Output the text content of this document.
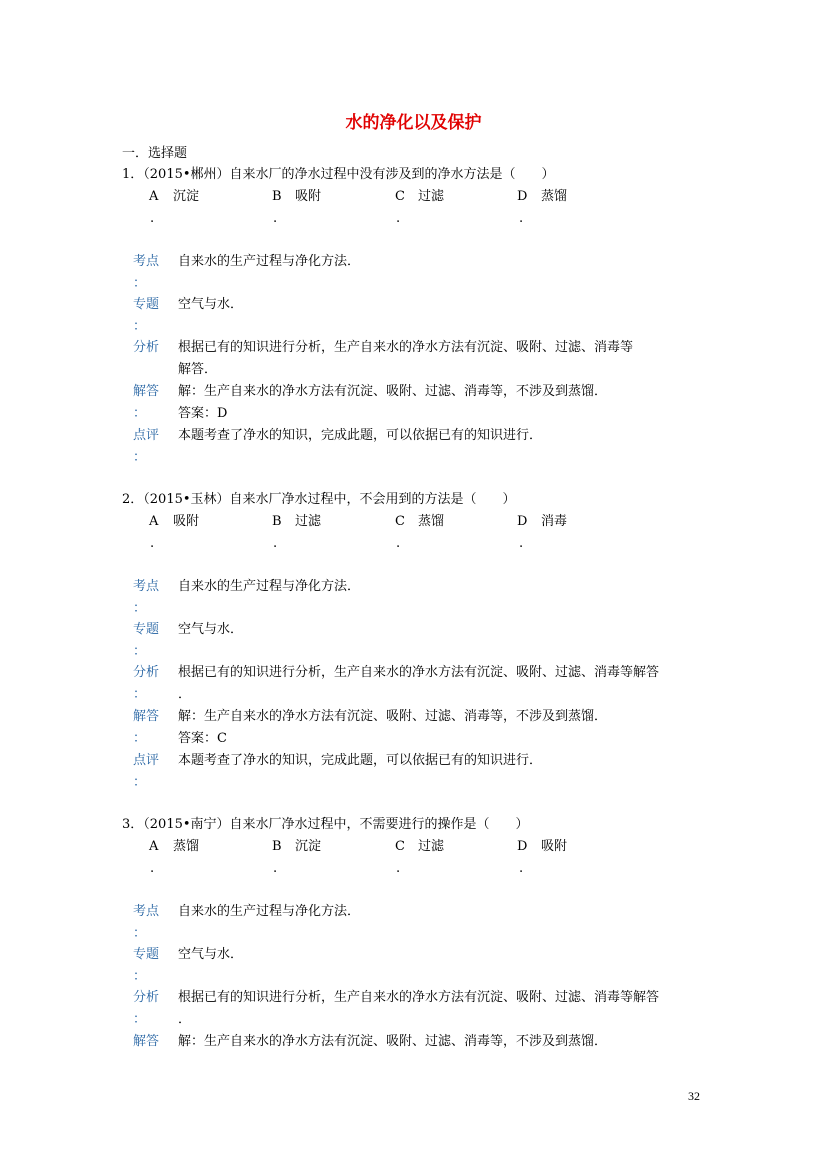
水的净化以及保护
一．选择题
1．（2015•郴州）自来水厂的净水过程中没有涉及到的净水方法是（　　）
A 沉淀
.
B 吸附
.
C 过滤
.
D 蒸馏
.
考点
：
自来水的生产过程与净化方法．
专题
：
空气与水．
分析 根据已有的知识进行分析，生产自来水的净水方法有沉淀、吸附、过滤、消毒等
解答．
解答
：
解：生产自来水的净水方法有沉淀、吸附、过滤、消毒等，不涉及到蒸馏．
答案：D
点评
：
本题考查了净水的知识，完成此题，可以依据已有的知识进行．
2．（2015•玉林）自来水厂净水过程中，不会用到的方法是（　　）
A 吸附
.
B 过滤
.
C 蒸馏
.
D 消毒
.
考点
：
自来水的生产过程与净化方法．
专题
：
空气与水．
分析
：
根据已有的知识进行分析，生产自来水的净水方法有沉淀、吸附、过滤、消毒等解答
．
解答
：
解：生产自来水的净水方法有沉淀、吸附、过滤、消毒等，不涉及到蒸馏．
答案：C
点评
：
本题考查了净水的知识，完成此题，可以依据已有的知识进行．
3．（2015•南宁）自来水厂净水过程中，不需要进行的操作是（　　）
A 蒸馏
.
B 沉淀
.
C 过滤
.
D 吸附
.
考点
：
自来水的生产过程与净化方法．
专题
：
空气与水．
分析
：
根据已有的知识进行分析，生产自来水的净水方法有沉淀、吸附、过滤、消毒等解答
．
解答 解：生产自来水的净水方法有沉淀、吸附、过滤、消毒等，不涉及到蒸馏．
32
